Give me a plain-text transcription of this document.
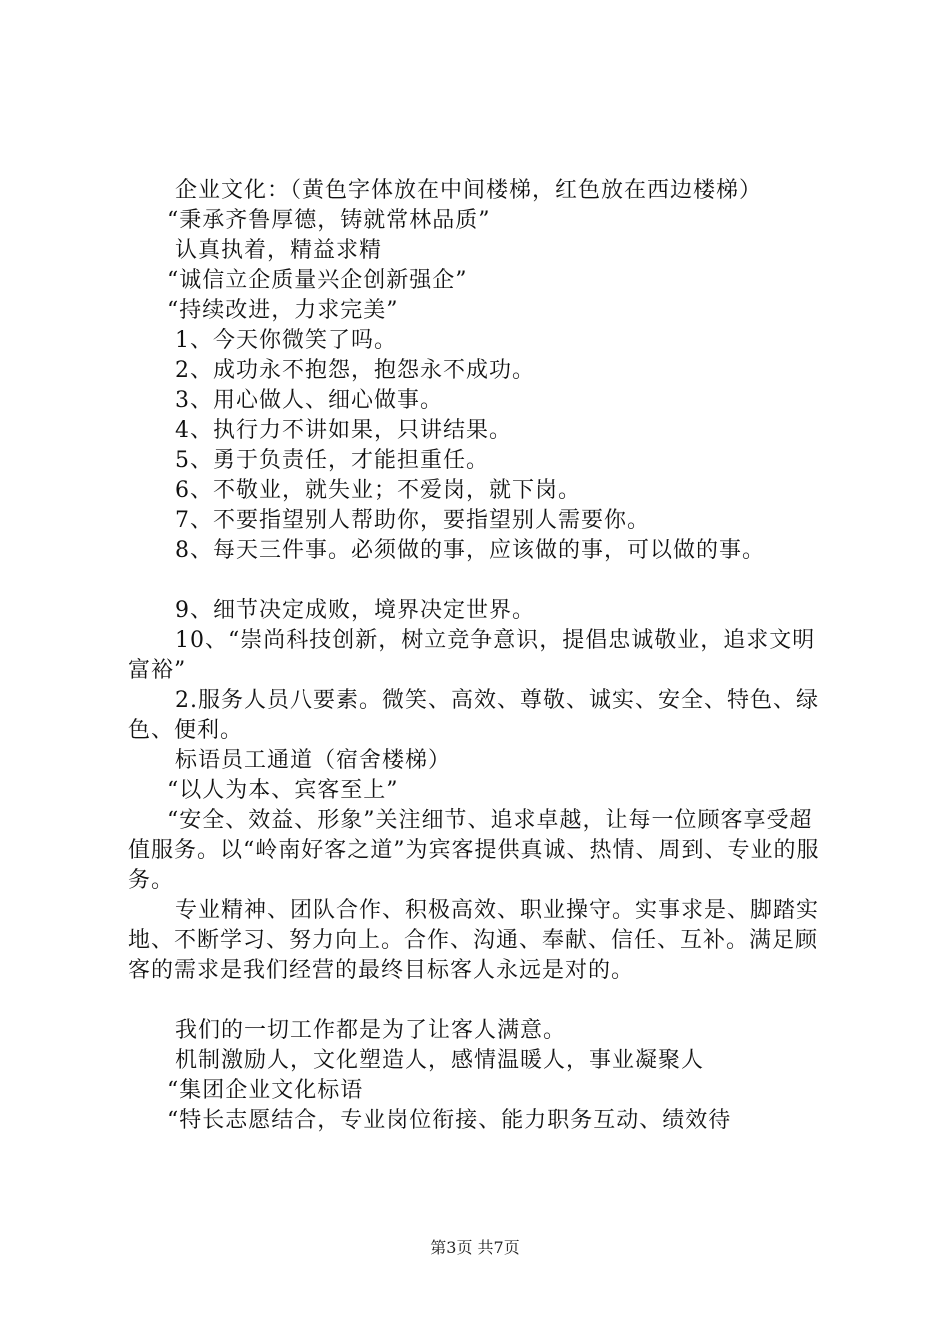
企业文化：（黄色字体放在中间楼梯，红色放在西边楼梯）

“秉承齐鲁厚德，铸就常林品质”

认真执着，精益求精

“诚信立企质量兴企创新强企”

“持续改进，力求完美”

1、今天你微笑了吗。

2、成功永不抱怨，抱怨永不成功。

3、用心做人、细心做事。

4、执行力不讲如果，只讲结果。

5、勇于负责任，才能担重任。

6、不敬业，就失业；不爱岗，就下岗。

7、不要指望别人帮助你，要指望别人需要你。

8、每天三件事。必须做的事，应该做的事，可以做的事。

9、细节决定成败，境界决定世界。

10、“崇尚科技创新，树立竞争意识，提倡忠诚敬业，追求文明富裕”

2.服务人员八要素。微笑、高效、尊敬、诚实、安全、特色、绿色、便利。

标语员工通道（宿舍楼梯）

“以人为本、宾客至上”

“安全、效益、形象”关注细节、追求卓越，让每一位顾客享受超值服务。以“岭南好客之道”为宾客提供真诚、热情、周到、专业的服务。

专业精神、团队合作、积极高效、职业操守。实事求是、脚踏实地、不断学习、努力向上。合作、沟通、奉献、信任、互补。满足顾客的需求是我们经营的最终目标客人永远是对的。

我们的一切工作都是为了让客人满意。

机制激励人，文化塑造人，感情温暖人，事业凝聚人

“集团企业文化标语

“特长志愿结合，专业岗位衔接、能力职务互动、绩效待

第3页 共7页
